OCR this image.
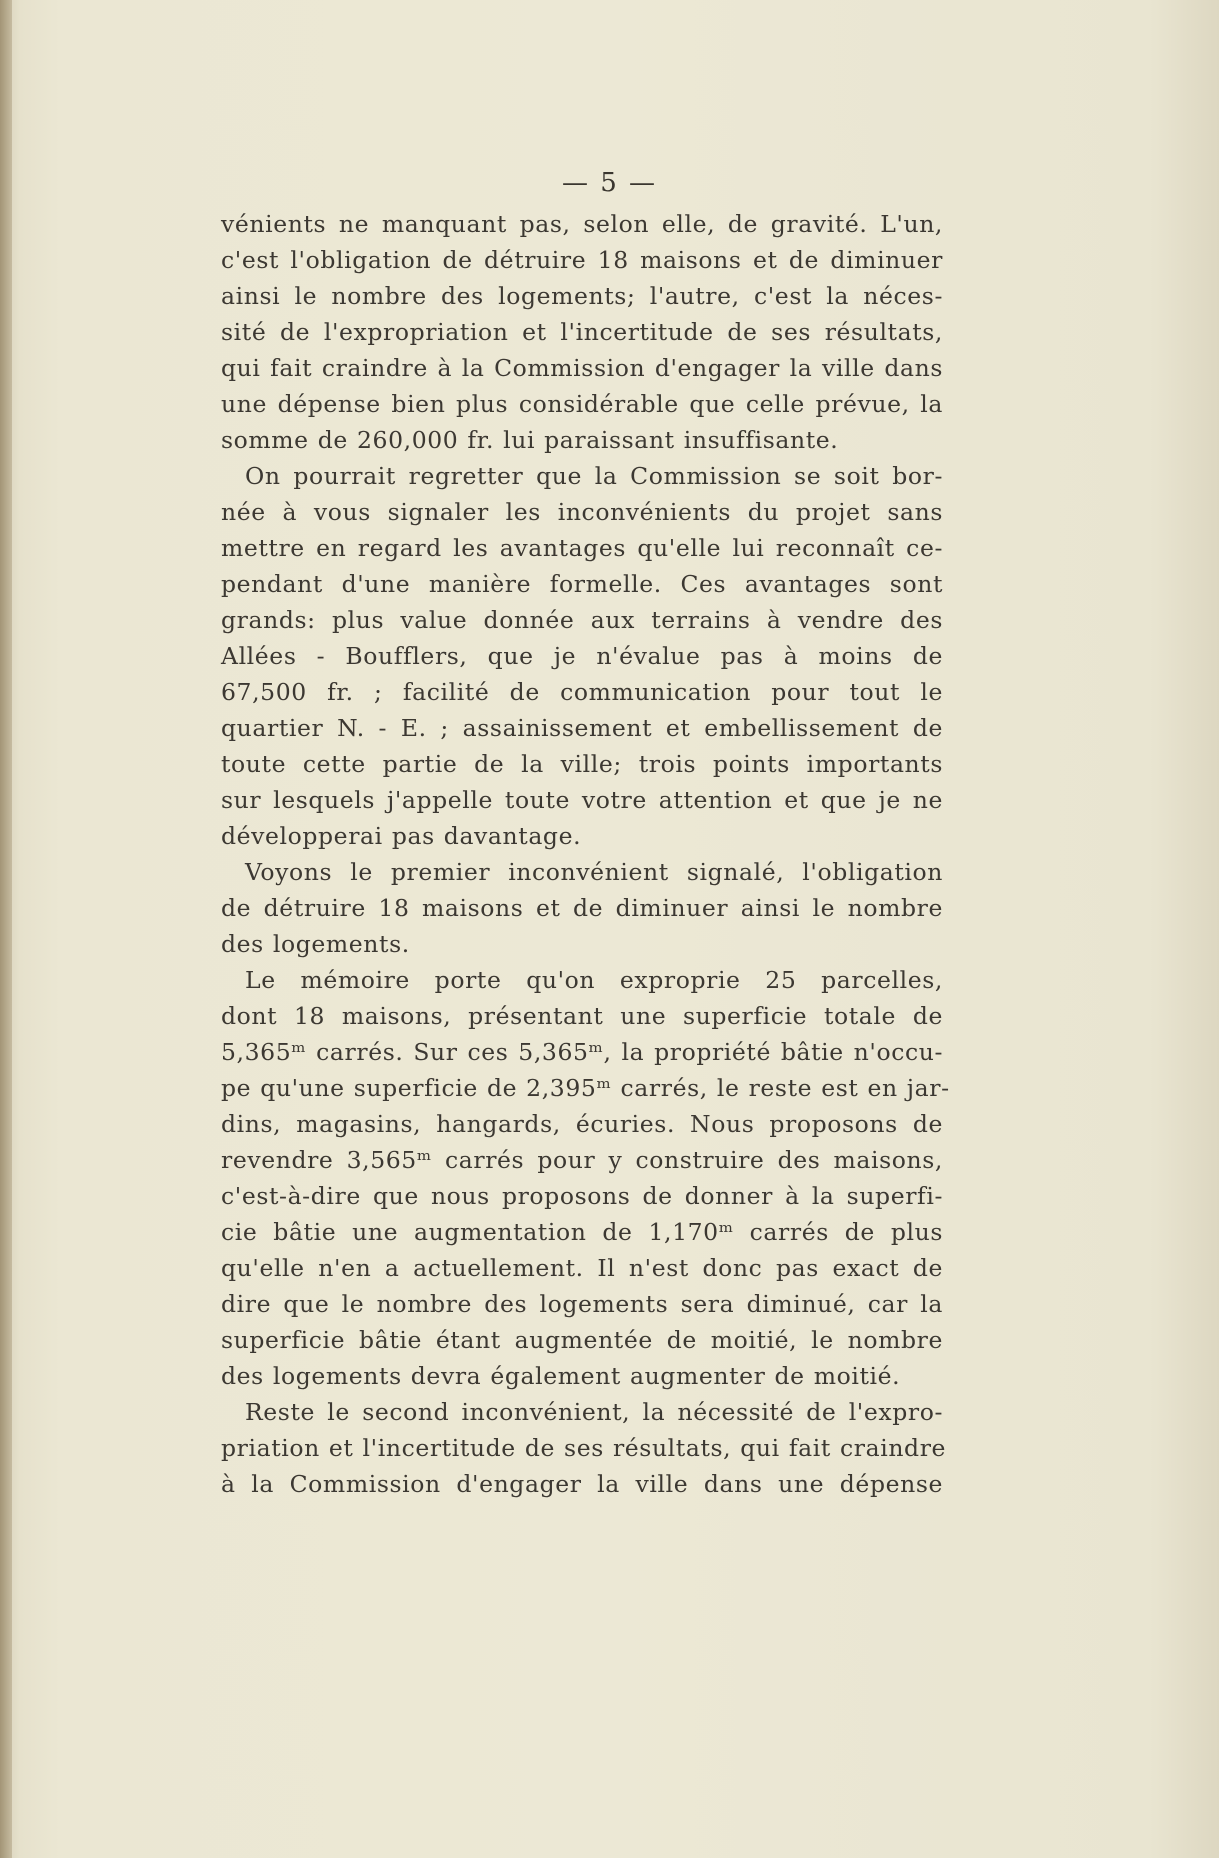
— 5 —
vénients ne manquant pas, selon elle, de gravité. L'un,
c'est l'obligation de détruire 18 maisons et de diminuer
ainsi le nombre des logements; l'autre, c'est la néces-
sité de l'expropriation et l'incertitude de ses résultats,
qui fait craindre à la Commission d'engager la ville dans
une dépense bien plus considérable que celle prévue, la
somme de 260,000 fr. lui paraissant insuffisante.
On pourrait regretter que la Commission se soit bor-
née à vous signaler les inconvénients du projet sans
mettre en regard les avantages qu'elle lui reconnaît ce-
pendant d'une manière formelle. Ces avantages sont
grands: plus value donnée aux terrains à vendre des
Allées - Boufflers, que je n'évalue pas à moins de
67,500 fr. ; facilité de communication pour tout le
quartier N. - E. ; assainissement et embellissement de
toute cette partie de la ville; trois points importants
sur lesquels j'appelle toute votre attention et que je ne
développerai pas davantage.
Voyons le premier inconvénient signalé, l'obligation
de détruire 18 maisons et de diminuer ainsi le nombre
des logements.
Le mémoire porte qu'on exproprie 25 parcelles,
dont 18 maisons, présentant une superficie totale de
5,365ᵐ carrés. Sur ces 5,365ᵐ, la propriété bâtie n'occu-
pe qu'une superficie de 2,395ᵐ carrés, le reste est en jar-
dins, magasins, hangards, écuries. Nous proposons de
revendre 3,565ᵐ carrés pour y construire des maisons,
c'est-à-dire que nous proposons de donner à la superfi-
cie bâtie une augmentation de 1,170ᵐ carrés de plus
qu'elle n'en a actuellement. Il n'est donc pas exact de
dire que le nombre des logements sera diminué, car la
superficie bâtie étant augmentée de moitié, le nombre
des logements devra également augmenter de moitié.
Reste le second inconvénient, la nécessité de l'expro-
priation et l'incertitude de ses résultats, qui fait craindre
à la Commission d'engager la ville dans une dépense
